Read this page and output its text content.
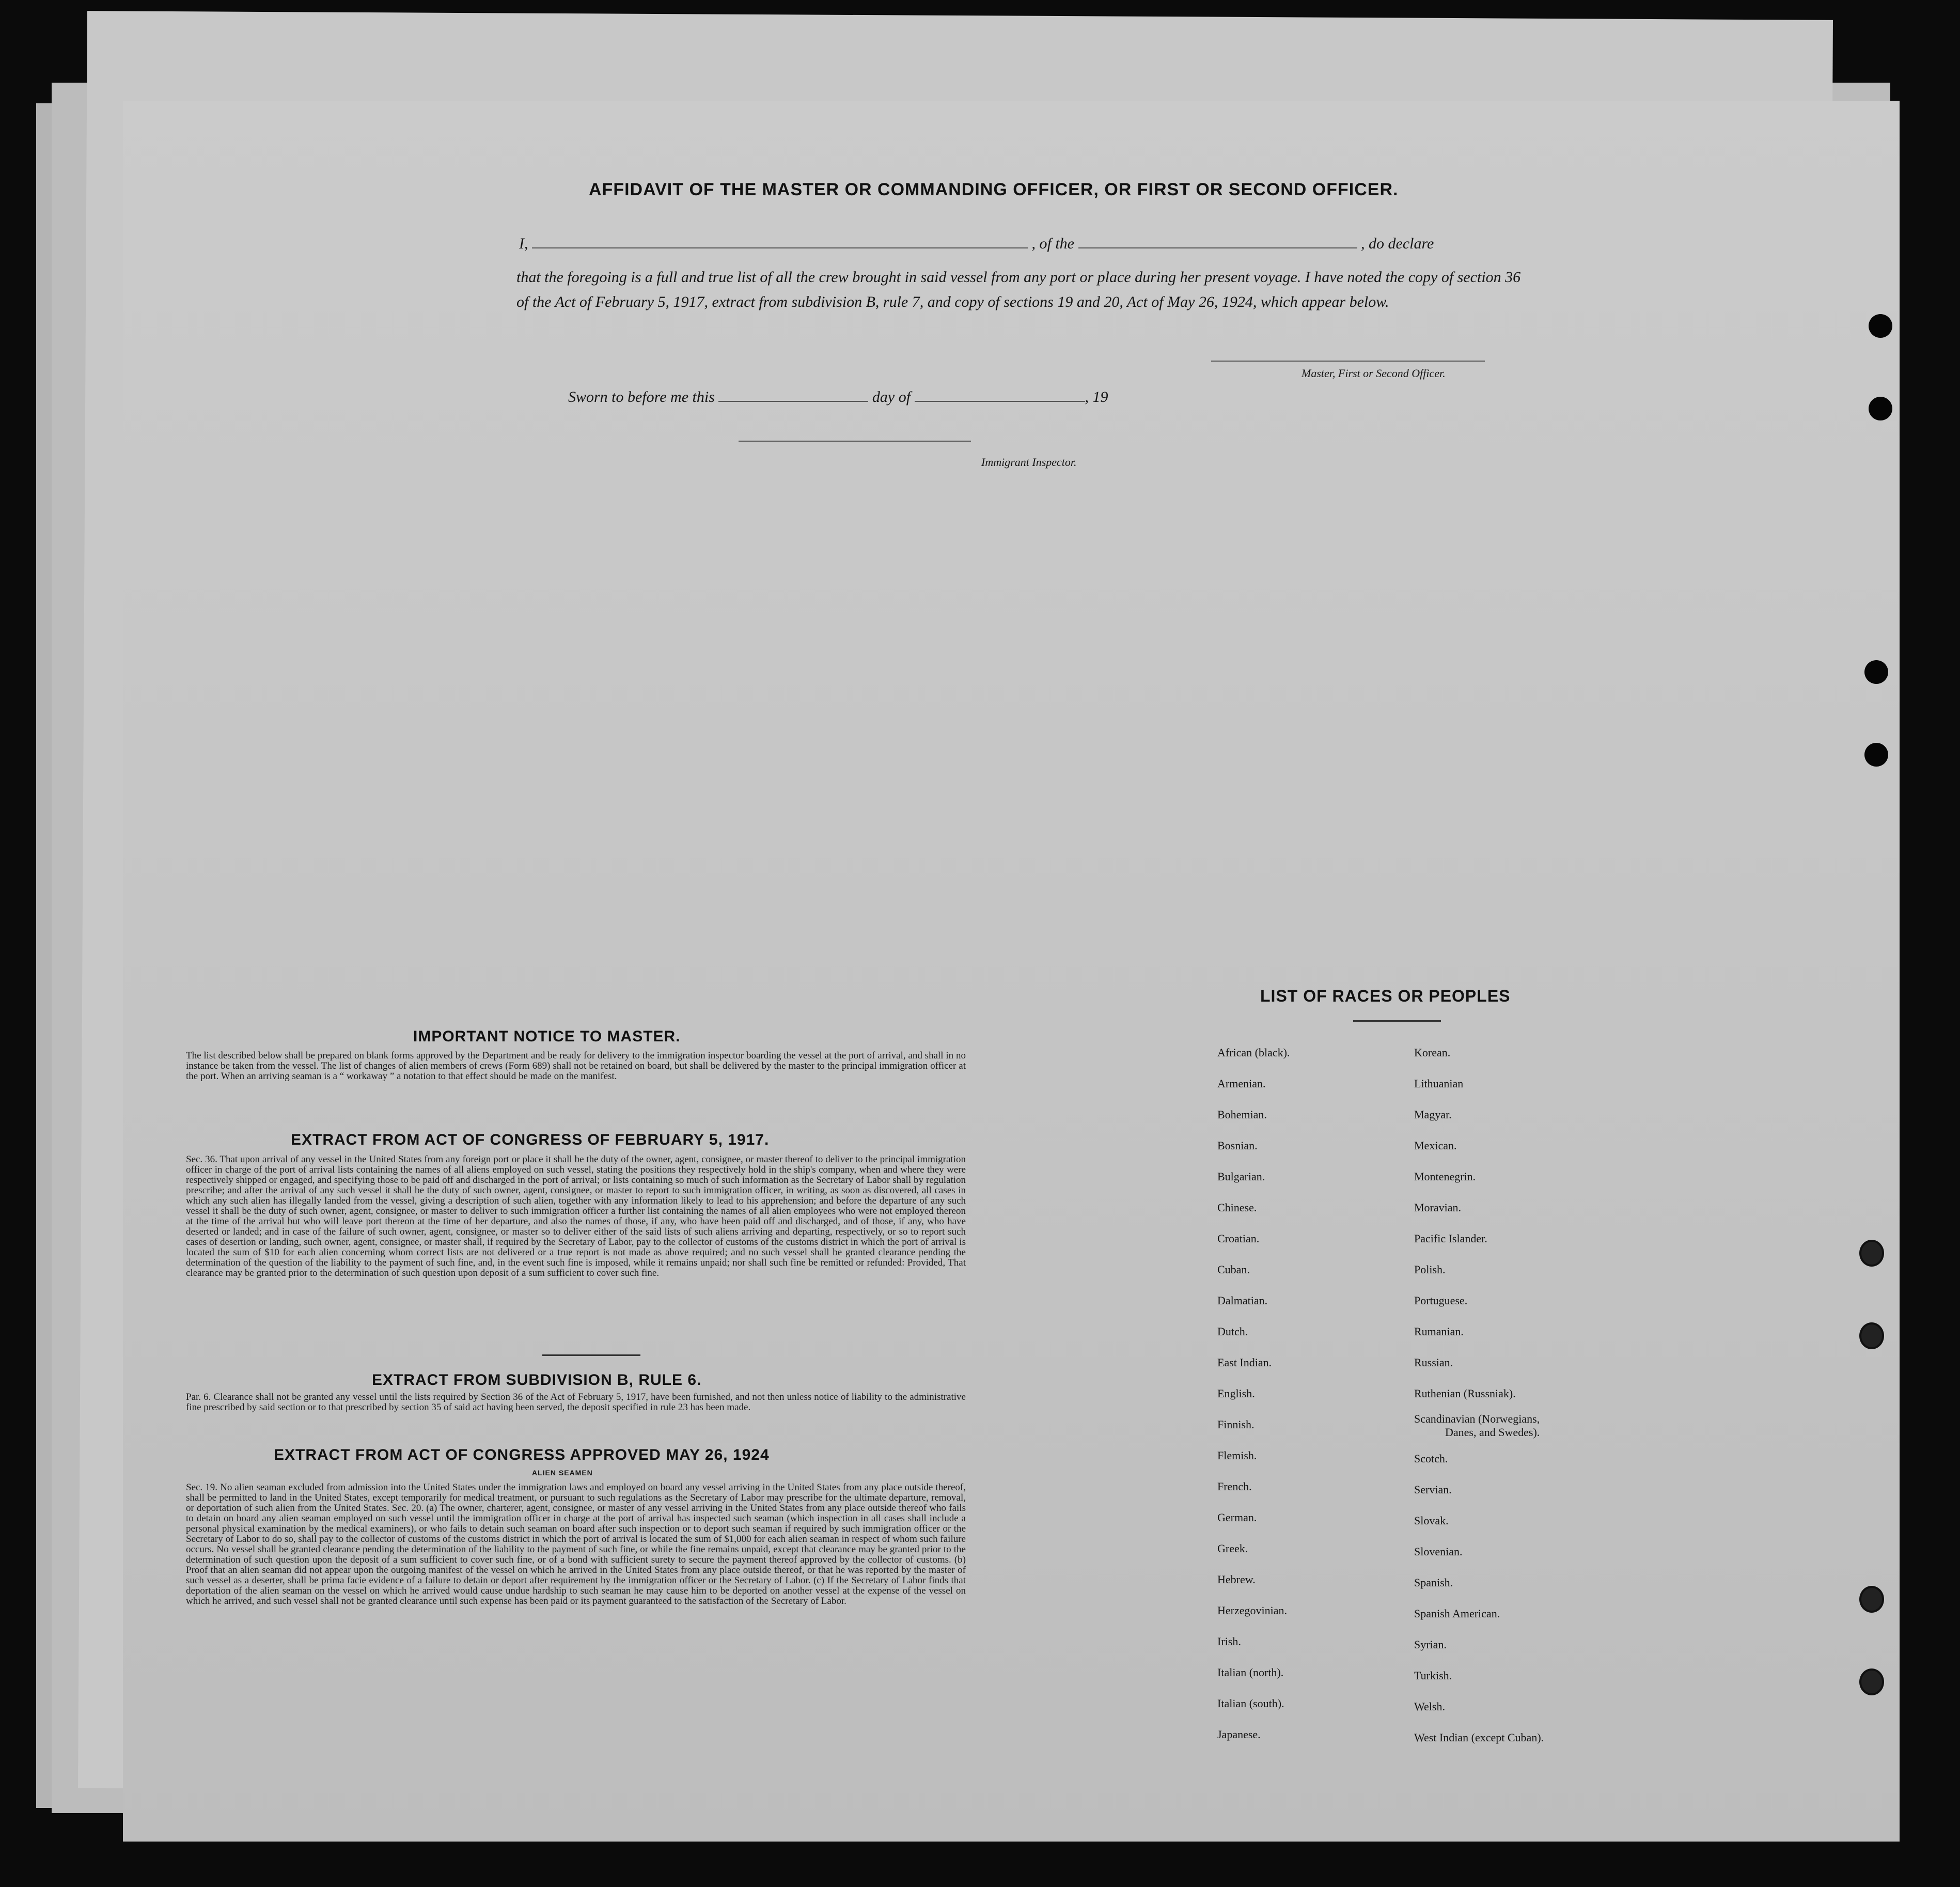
AFFIDAVIT OF THE MASTER OR COMMANDING OFFICER, OR FIRST OR SECOND OFFICER.
I,	, of the	, do declare
that the foregoing is a full and true list of all the crew brought in said vessel from any port or place during her present voyage. I have noted the copy of section 36 of the Act of February 5, 1917, extract from subdivision B, rule 7, and copy of sections 19 and 20, Act of May 26, 1924, which appear below.
Master, First or Second Officer.
Sworn to before me this	day of	, 19
Immigrant Inspector.
IMPORTANT NOTICE TO MASTER.
The list described below shall be prepared on blank forms approved by the Department and be ready for delivery to the immigration inspector boarding the vessel at the port of arrival, and shall in no instance be taken from the vessel. The list of changes of alien members of crews (Form 689) shall not be retained on board, but shall be delivered by the master to the principal immigration officer at the port. When an arriving seaman is a “ workaway ” a notation to that effect should be made on the manifest.
EXTRACT FROM ACT OF CONGRESS OF FEBRUARY 5, 1917.
Sec. 36. That upon arrival of any vessel in the United States from any foreign port or place it shall be the duty of the owner, agent, consignee, or master thereof to deliver to the principal immigration officer in charge of the port of arrival lists containing the names of all aliens employed on such vessel, stating the positions they respectively hold in the ship's company, when and where they were respectively shipped or engaged, and specifying those to be paid off and discharged in the port of arrival; or lists containing so much of such information as the Secretary of Labor shall by regulation prescribe; and after the arrival of any such vessel it shall be the duty of such owner, agent, consignee, or master to report to such immigration officer, in writing, as soon as discovered, all cases in which any such alien has illegally landed from the vessel, giving a description of such alien, together with any information likely to lead to his apprehension; and before the departure of any such vessel it shall be the duty of such owner, agent, consignee, or master to deliver to such immigration officer a further list containing the names of all alien employees who were not employed thereon at the time of the arrival but who will leave port thereon at the time of her departure, and also the names of those, if any, who have been paid off and discharged, and of those, if any, who have deserted or landed; and in case of the failure of such owner, agent, consignee, or master so to deliver either of the said lists of such aliens arriving and departing, respectively, or so to report such cases of desertion or landing, such owner, agent, consignee, or master shall, if required by the Secretary of Labor, pay to the collector of customs of the customs district in which the port of arrival is located the sum of $10 for each alien concerning whom correct lists are not delivered or a true report is not made as above required; and no such vessel shall be granted clearance pending the determination of the question of the liability to the payment of such fine, and, in the event such fine is imposed, while it remains unpaid; nor shall such fine be remitted or refunded: Provided, That clearance may be granted prior to the determination of such question upon deposit of a sum sufficient to cover such fine.
EXTRACT FROM SUBDIVISION B, RULE 6.
Par. 6. Clearance shall not be granted any vessel until the lists required by Section 36 of the Act of February 5, 1917, have been furnished, and not then unless notice of liability to the administrative fine prescribed by said section or to that prescribed by section 35 of said act having been served, the deposit specified in rule 23 has been made.
EXTRACT FROM ACT OF CONGRESS APPROVED MAY 26, 1924
ALIEN SEAMEN
Sec. 19. No alien seaman excluded from admission into the United States under the immigration laws and employed on board any vessel arriving in the United States from any place outside thereof, shall be permitted to land in the United States, except temporarily for medical treatment, or pursuant to such regulations as the Secretary of Labor may prescribe for the ultimate departure, removal, or deportation of such alien from the United States. Sec. 20. (a) The owner, charterer, agent, consignee, or master of any vessel arriving in the United States from any place outside thereof who fails to detain on board any alien seaman employed on such vessel until the immigration officer in charge at the port of arrival has inspected such seaman (which inspection in all cases shall include a personal physical examination by the medical examiners), or who fails to detain such seaman on board after such inspection or to deport such seaman if required by such immigration officer or the Secretary of Labor to do so, shall pay to the collector of customs of the customs district in which the port of arrival is located the sum of $1,000 for each alien seaman in respect of whom such failure occurs. No vessel shall be granted clearance pending the determination of the liability to the payment of such fine, or while the fine remains unpaid, except that clearance may be granted prior to the determination of such question upon the deposit of a sum sufficient to cover such fine, or of a bond with sufficient surety to secure the payment thereof approved by the collector of customs. (b) Proof that an alien seaman did not appear upon the outgoing manifest of the vessel on which he arrived in the United States from any place outside thereof, or that he was reported by the master of such vessel as a deserter, shall be prima facie evidence of a failure to detain or deport after requirement by the immigration officer or the Secretary of Labor. (c) If the Secretary of Labor finds that deportation of the alien seaman on the vessel on which he arrived would cause undue hardship to such seaman he may cause him to be deported on another vessel at the expense of the vessel on which he arrived, and such vessel shall not be granted clearance until such expense has been paid or its payment guaranteed to the satisfaction of the Secretary of Labor.
LIST OF RACES OR PEOPLES
African (black).
Armenian.
Bohemian.
Bosnian.
Bulgarian.
Chinese.
Croatian.
Cuban.
Dalmatian.
Dutch.
East Indian.
English.
Finnish.
Flemish.
French.
German.
Greek.
Hebrew.
Herzegovinian.
Irish.
Italian (north).
Italian (south).
Japanese.
Korean.
Lithuanian
Magyar.
Mexican.
Montenegrin.
Moravian.
Pacific Islander.
Polish.
Portuguese.
Rumanian.
Russian.
Ruthenian (Russniak).
Scandinavian (Norwegians,
Danes, and Swedes).
Scotch.
Servian.
Slovak.
Slovenian.
Spanish.
Spanish American.
Syrian.
Turkish.
Welsh.
West Indian (except Cuban).
